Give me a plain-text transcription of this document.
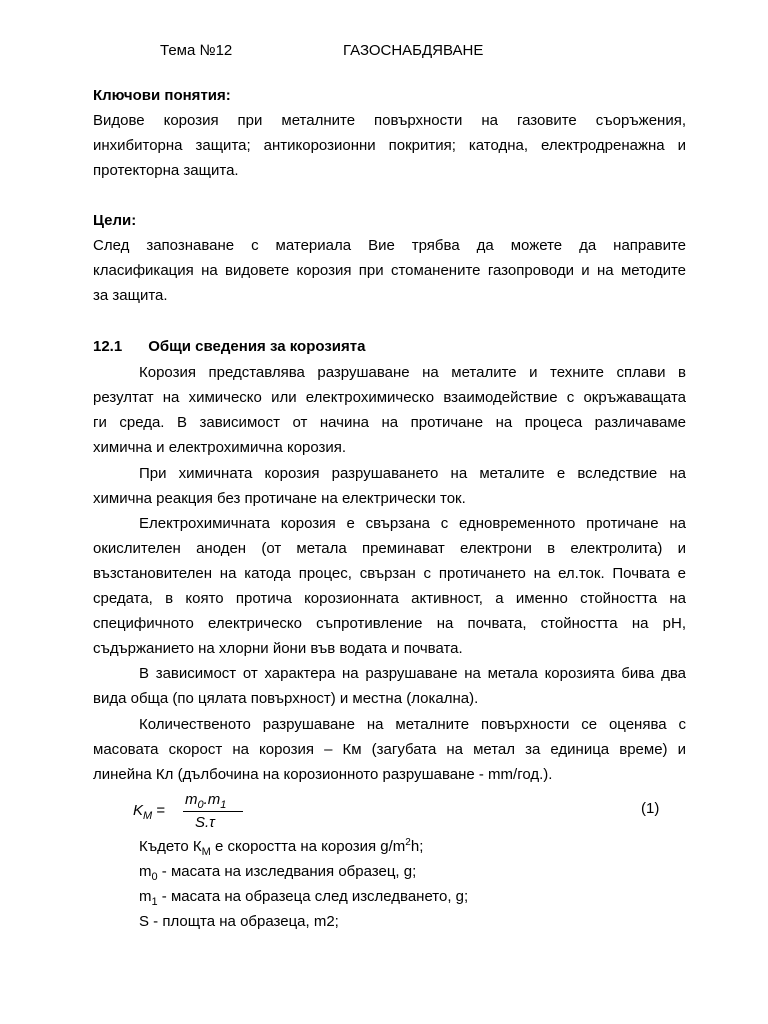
Тема №12	ГАЗОСНАБДЯВАНЕ
Ключови понятия:
Видове корозия при металните повърхности на газовите съоръжения,
инхибиторна защита; антикорозионни покрития; катодна, електродренажна и
протекторна защита.
Цели:
След запознаване с материала Вие трябва да можете да направите
класификация на видовете корозия при стоманените газопроводи и на методите
за защита.
12.1 Общи сведения за корозията
Корозия представлява разрушаване на металите и техните сплави в
резултат на химическо или електрохимическо взаимодействие с окръжаващата
ги среда. В зависимост от начина на протичане на процеса различаваме
химична и електрохимична корозия.
При химичната корозия разрушаването на металите е вследствие на
химична реакция без протичане на електрически ток.
Електрохимичната корозия е свързана с едновременното протичане на
окислителен аноден (от метала преминават електрони в електролита) и
възстановителен на катода процес, свързан с протичането на ел.ток. Почвата е
средата, в която протича корозионната активност, а именно стойността на
специфичното електрическо съпротивление на почвата, стойността на pH,
съдържанието на хлорни йони във водата и почвата.
В зависимост от характера на разрушаване на метала корозията бива два
вида обща (по цялата повърхност) и местна (локална).
Количественото разрушаване на металните повърхности се оценява с
масовата скорост на корозия – Км (загубата на метал за единица време) и
линейна Кл (дълбочина на корозионното разрушаване - mm/год.).
$K_M$ =
$m_0.m_1$
S.τ
(1)
Където $К_М$ е скоростта на корозия $g/m^2h$;
$m_0$ - масата на изследвания образец, g;
$m_1$ - масата на образеца след изследването, g;
S - площта на образеца, m2;
